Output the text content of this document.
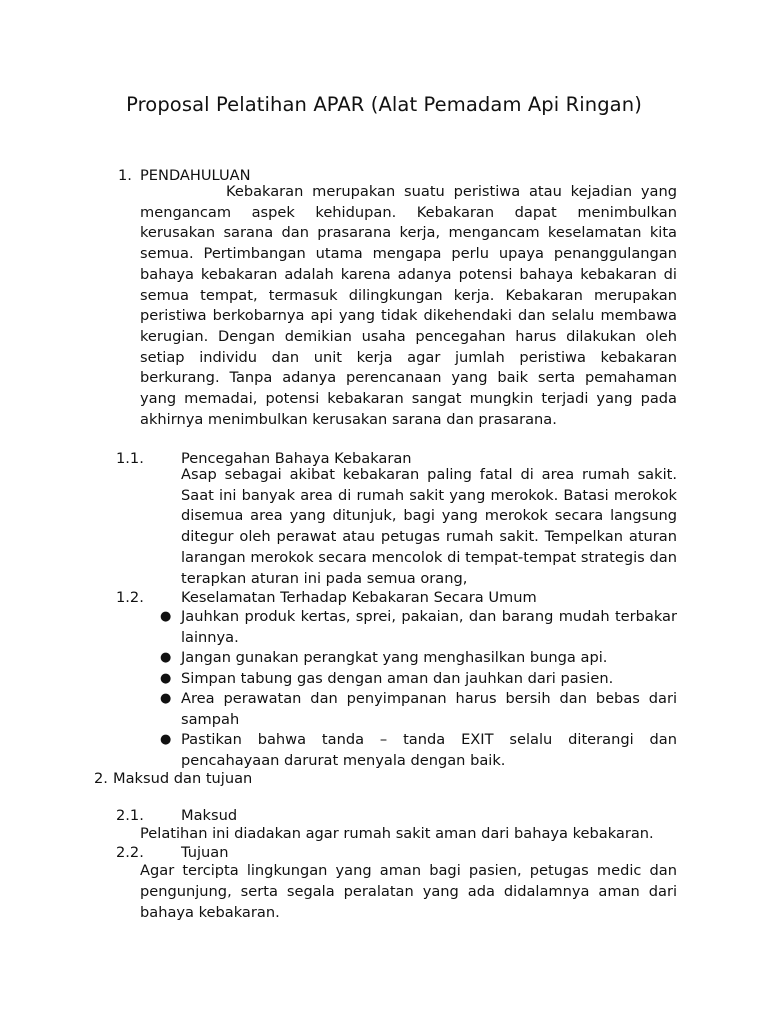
Proposal Pelatihan APAR (Alat Pemadam Api Ringan)
1. PENDAHULUAN

Kebakaran merupakan suatu peristiwa atau kejadian yang mengancam aspek kehidupan. Kebakaran dapat menimbulkan kerusakan sarana dan prasarana kerja, mengancam keselamatan kita semua. Pertimbangan utama mengapa perlu upaya penanggulangan bahaya kebakaran adalah karena adanya potensi bahaya kebakaran di semua tempat, termasuk dilingkungan kerja. Kebakaran merupakan peristiwa berkobarnya api yang tidak dikehendaki dan selalu membawa kerugian. Dengan demikian usaha pencegahan harus dilakukan oleh setiap individu dan unit kerja agar jumlah peristiwa kebakaran berkurang. Tanpa adanya perencanaan yang baik serta pemahaman yang memadai, potensi kebakaran sangat mungkin terjadi yang pada akhirnya menimbulkan kerusakan sarana dan prasarana.

1.1.	Pencegahan Bahaya Kebakaran

Asap sebagai akibat kebakaran paling fatal di area rumah sakit. Saat ini banyak area di rumah sakit yang merokok. Batasi merokok disemua area yang ditunjuk, bagi yang merokok secara langsung ditegur oleh perawat atau petugas rumah sakit. Tempelkan aturan larangan merokok secara mencolok di tempat-tempat strategis dan terapkan aturan ini pada semua orang,

1.2.	Keselamatan Terhadap Kebakaran Secara Umum
● Jauhkan produk kertas, sprei, pakaian, dan barang mudah terbakar lainnya.
● Jangan gunakan perangkat yang menghasilkan bunga api.
● Simpan tabung gas dengan aman dan jauhkan dari pasien.
● Area perawatan dan penyimpanan harus bersih dan bebas dari sampah
● Pastikan bahwa tanda – tanda EXIT selalu diterangi dan pencahayaan darurat menyala dengan baik.
2. Maksud dan tujuan
2.1.	Maksud
Pelatihan ini diadakan agar rumah sakit aman dari bahaya kebakaran.
2.2.	Tujuan

Agar tercipta lingkungan yang aman bagi pasien, petugas medic dan pengunjung, serta segala peralatan yang ada didalamnya aman dari bahaya kebakaran.
